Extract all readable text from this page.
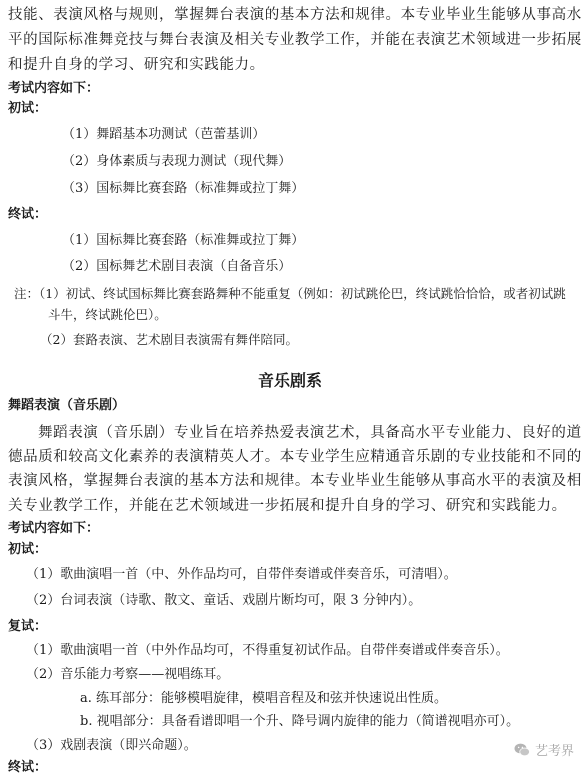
技能、表演风格与规则，掌握舞台表演的基本方法和规律。本专业毕业生能够从事高水
平的国际标准舞竞技与舞台表演及相关专业教学工作，并能在表演艺术领域进一步拓展
和提升自身的学习、研究和实践能力。
考试内容如下：
初试：
（1）舞蹈基本功测试（芭蕾基训）
（2）身体素质与表现力测试（现代舞）
（3）国标舞比赛套路（标准舞或拉丁舞）
终试：
（1）国标舞比赛套路（标准舞或拉丁舞）
（2）国标舞艺术剧目表演（自备音乐）
注：（1）初试、终试国标舞比赛套路舞种不能重复（例如：初试跳伦巴，终试跳恰恰恰，或者初试跳
斗牛，终试跳伦巴）。
（2）套路表演、艺术剧目表演需有舞伴陪同。
音乐剧系
舞蹈表演（音乐剧）
舞蹈表演（音乐剧）专业旨在培养热爱表演艺术，具备高水平专业能力、良好的道
德品质和较高文化素养的表演精英人才。本专业学生应精通音乐剧的专业技能和不同的
表演风格，掌握舞台表演的基本方法和规律。本专业毕业生能够从事高水平的表演及相
关专业教学工作，并能在艺术领域进一步拓展和提升自身的学习、研究和实践能力。
考试内容如下：
初试：
（1）歌曲演唱一首（中、外作品均可，自带伴奏谱或伴奏音乐，可清唱）。
（2）台词表演（诗歌、散文、童话、戏剧片断均可，限 3 分钟内）。
复试：
（1）歌曲演唱一首（中外作品均可，不得重复初试作品。自带伴奏谱或伴奏音乐）。
（2）音乐能力考察——视唱练耳。
a. 练耳部分：能够模唱旋律，模唱音程及和弦并快速说出性质。
b. 视唱部分：具备看谱即唱一个升、降号调内旋律的能力（简谱视唱亦可）。
（3）戏剧表演（即兴命题）。
终试：
艺考界
